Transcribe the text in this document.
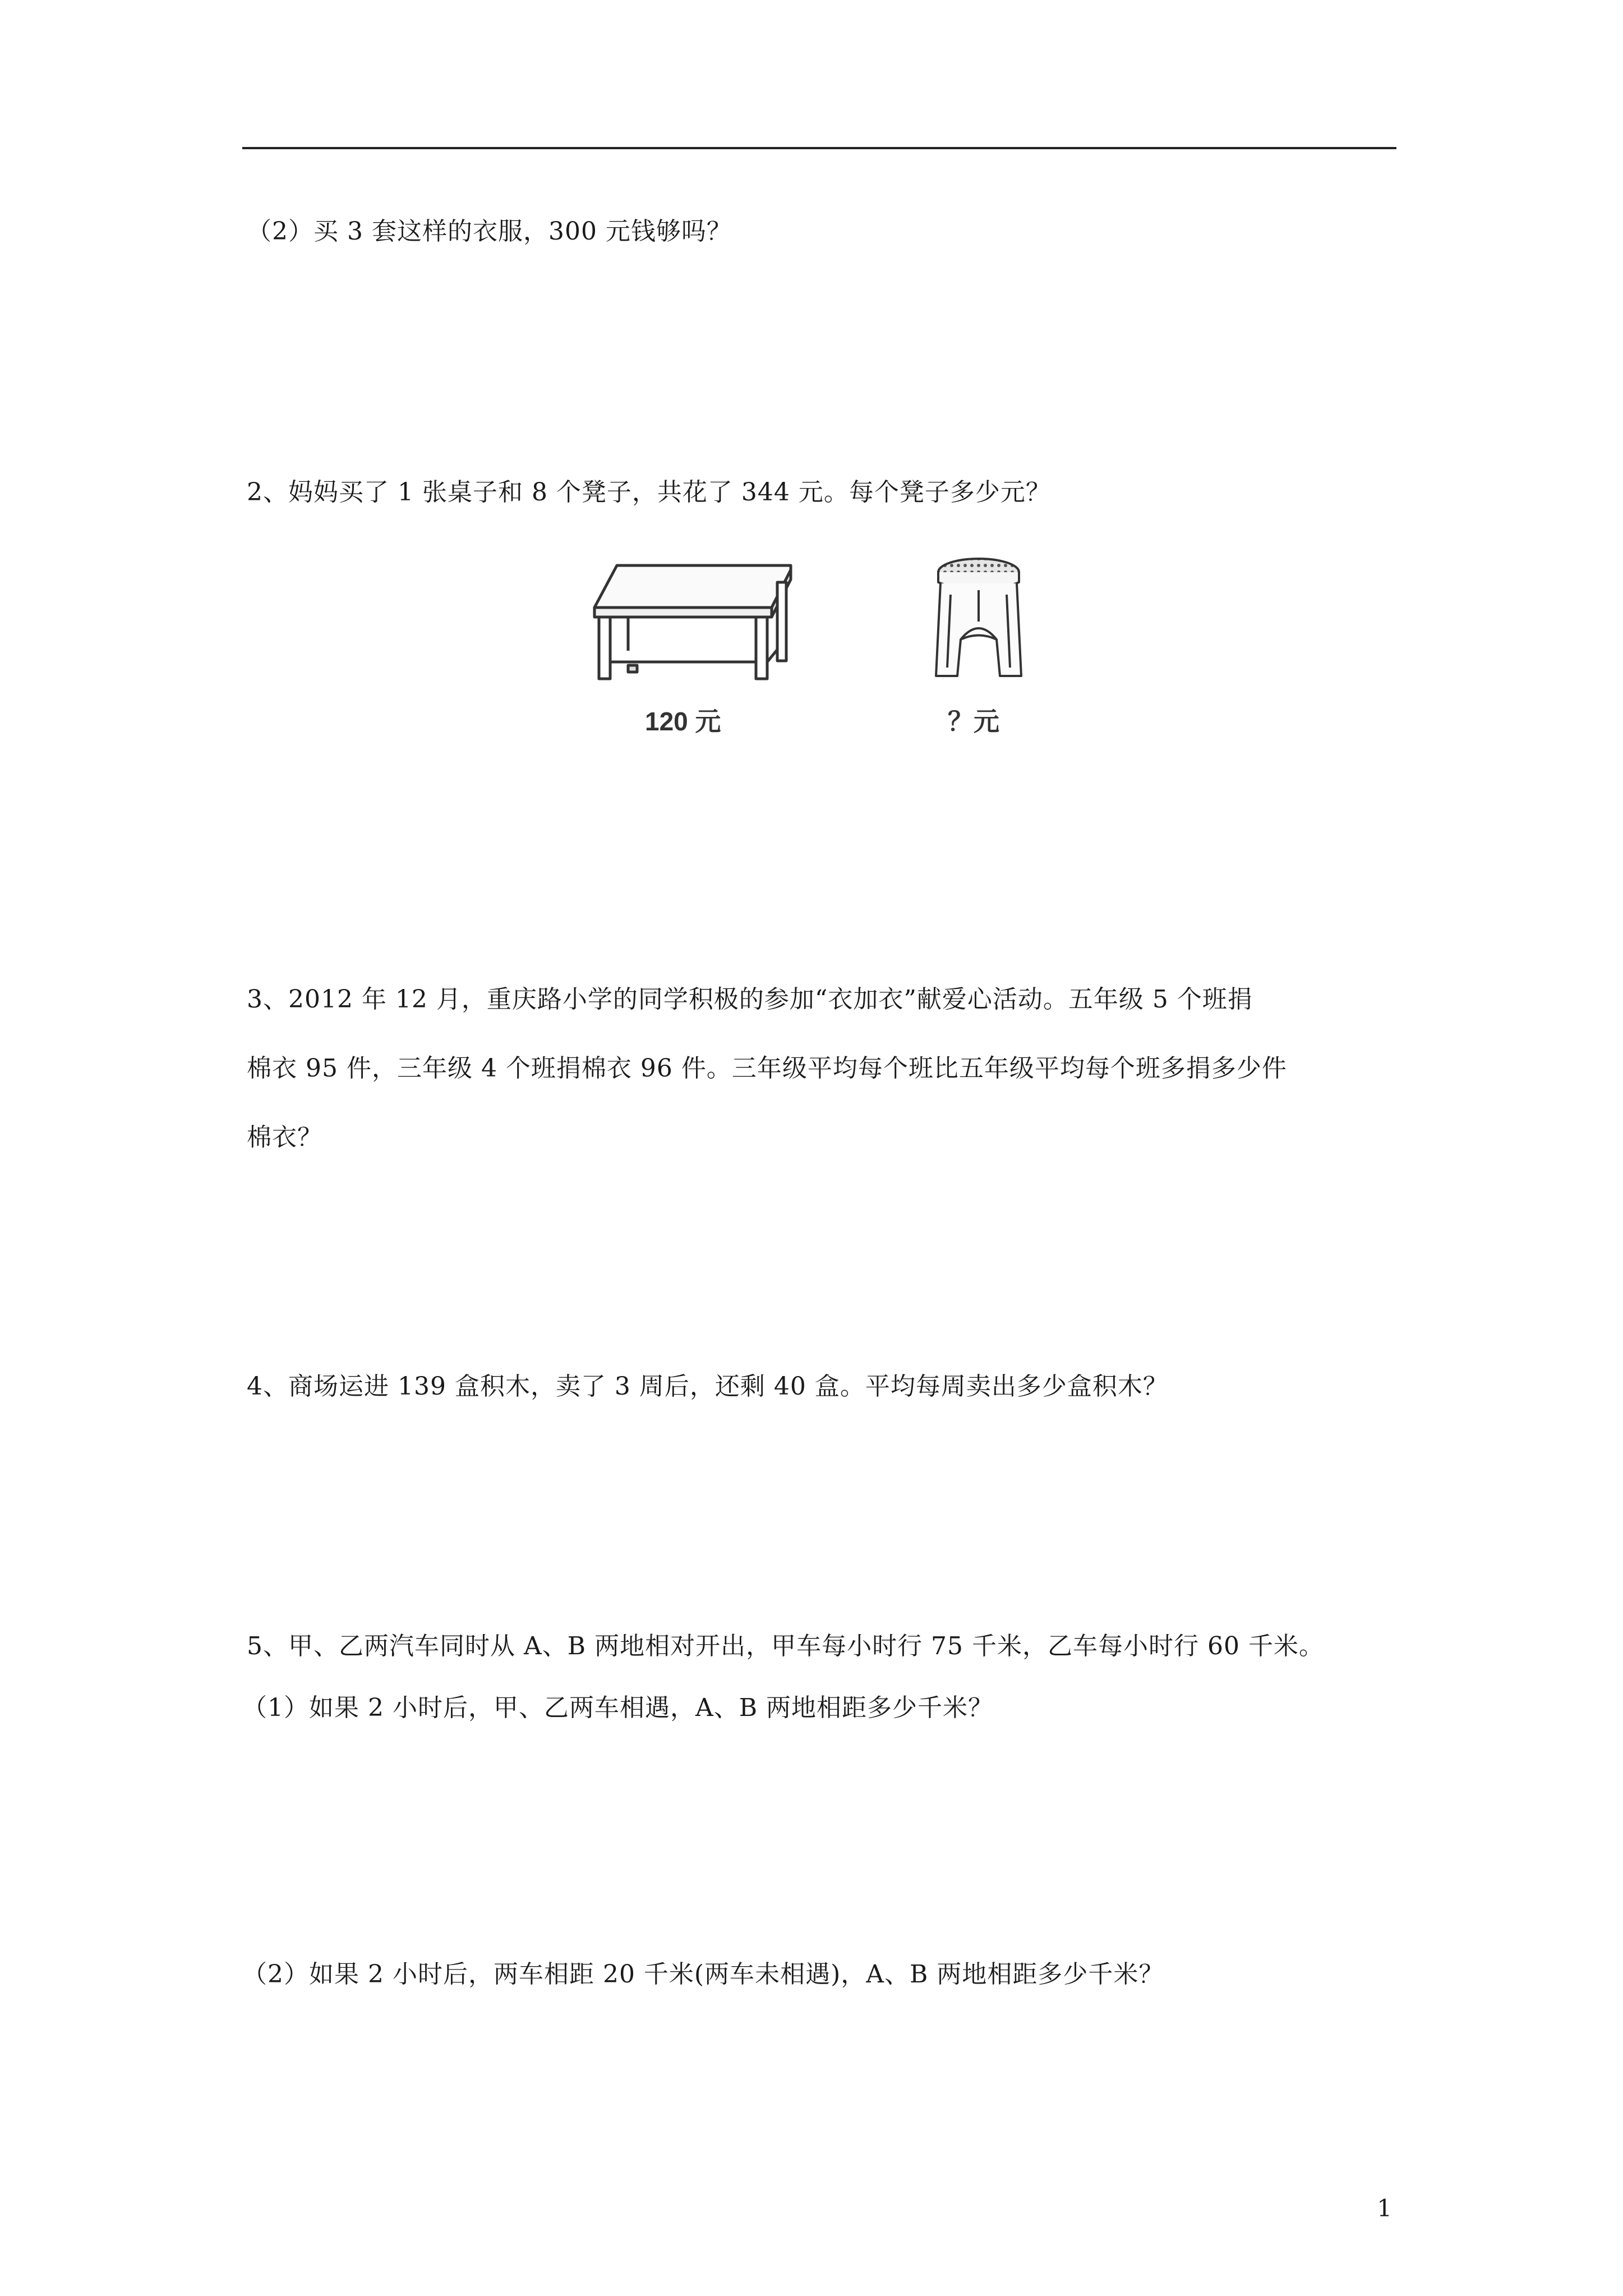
（2）买 3 套这样的衣服，300 元钱够吗？
2、妈妈买了 1 张桌子和 8 个凳子，共花了 344 元。每个凳子多少元？
120 元	？元
3、2012 年 12 月，重庆路小学的同学积极的参加“衣加衣”献爱心活动。五年级 5 个班捐
棉衣 95 件，三年级 4 个班捐棉衣 96 件。三年级平均每个班比五年级平均每个班多捐多少件
棉衣？
4、商场运进 139 盒积木，卖了 3 周后，还剩 40 盒。平均每周卖出多少盒积木？
5、甲、乙两汽车同时从 A、B 两地相对开出，甲车每小时行 75 千米，乙车每小时行 60 千米。
（1）如果 2 小时后，甲、乙两车相遇，A、B 两地相距多少千米？
（2）如果 2 小时后，两车相距 20 千米(两车未相遇)，A、B 两地相距多少千米？
1
